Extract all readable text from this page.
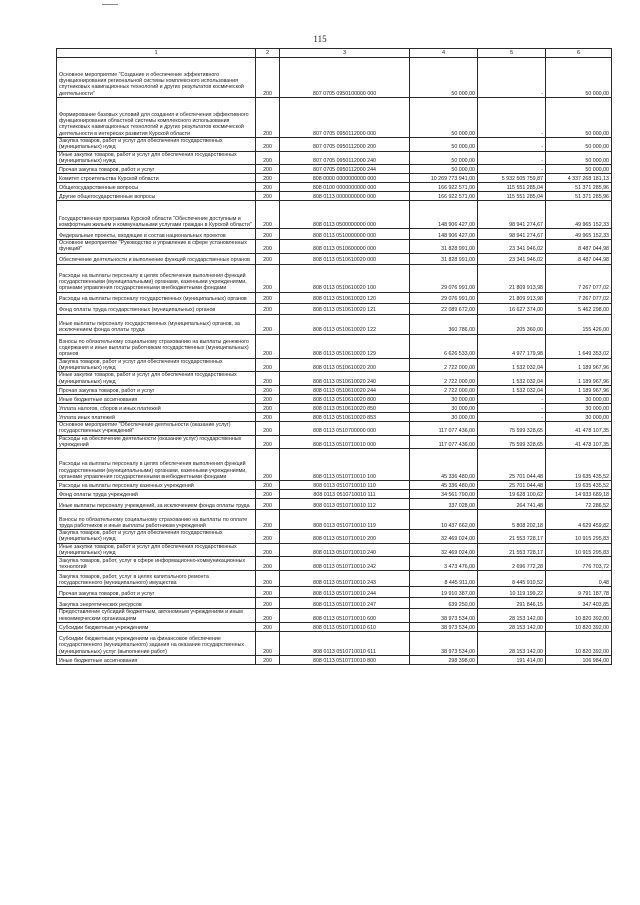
115
1	2	3	4	5	6
Основное мероприятие "Создание и обеспечение эффективного функционирования региональной системы комплексного использования спутниковых навигационных технологий и других результатов космической деятельности"	200	807 0705 0950100000 000	50 000,00	-	50 000,00
Формирование базовых условий для создания и обеспечения эффективного функционирования областной системы комплексного использования спутниковых навигационных технологий и других результатов космической деятельности в интересах развития Курской области	200	807 0705 0950112000 000	50 000,00	-	50 000,00
Закупка товаров, работ и услуг для обеспечения государственных (муниципальных) нужд	200	807 0705 0950112000 200	50 000,00	-	50 000,00
Иные закупки товаров, работ и услуг для обеспечения государственных (муниципальных) нужд	200	807 0705 0950112000 240	50 000,00	-	50 000,00
Прочая закупка товаров, работ и услуг	200	807 0705 0950112000 244	50 000,00	-	50 000,00
Комитет строительства Курской области	200	808 0000 0000000000 000	10 269 773 941,00	5 932 505 759,87	4 337 268 181,13
Общегосударственные вопросы	200	808 0100 0000000000 000	166 922 571,00	115 551 285,04	51 371 285,96
Другие общегосударственные вопросы	200	808 0113 0000000000 000	166 922 571,00	115 551 285,04	51 371 285,96
Государственная программа Курской области "Обеспечение доступным и комфортным жильем и коммунальными услугами граждан в Курской области"	200	808 0113 0500000000 000	148 906 427,00	98 941 274,67	49 965 152,33
Федеральные проекты, входящие в состав национальных проектов	200	808 0113 0510000000 000	148 906 427,00	98 941 274,67	49 965 152,33
Основное мероприятие "Руководство и управление в сфере установленных функций"	200	808 0113 0510600000 000	31 828 991,00	23 341 946,02	8 487 044,98
Обеспечение деятельности и выполнение функций государственных органов	200	808 0113 0510610020 000	31 828 991,00	23 341 946,02	8 487 044,98
Расходы на выплаты персоналу в целях обеспечения выполнения функций государственными (муниципальными) органами, казенными учреждениями, органами управления государственными внебюджетными фондами	200	808 0113 0510610020 100	29 076 991,00	21 809 913,98	7 267 077,02
Расходы на выплаты персоналу государственных (муниципальных) органов	200	808 0113 0510610020 120	29 076 991,00	21 809 913,98	7 267 077,02
Фонд оплаты труда государственных (муниципальных) органов	200	808 0113 0510610020 121	22 089 672,00	16 627 374,00	5 462 298,00
Иные выплаты персоналу государственных (муниципальных) органов, за исключением фонда оплаты труда	200	808 0113 0510610020 122	360 786,00	205 360,00	155 426,00
Взносы по обязательному социальному страхованию на выплаты денежного содержания и иные выплаты работникам государственных (муниципальных) органов	200	808 0113 0510610020 129	6 626 533,00	4 977 179,98	1 649 353,02
Закупка товаров, работ и услуг для обеспечения государственных (муниципальных) нужд	200	808 0113 0510610020 200	2 722 000,00	1 532 032,04	1 189 967,96
Иные закупки товаров, работ и услуг для обеспечения государственных (муниципальных) нужд	200	808 0113 0510610020 240	2 722 000,00	1 532 032,04	1 189 967,96
Прочая закупка товаров, работ и услуг	200	808 0113 0510610020 244	2 722 000,00	1 532 032,04	1 189 967,96
Иные бюджетные ассигнования	200	808 0113 0510610020 800	30 000,00	-	30 000,00
Уплата налогов, сборов и иных платежей	200	808 0113 0510610020 850	30 000,00	-	30 000,00
Уплата иных платежей	200	808 0113 0510610020 853	30 000,00	-	30 000,00
Основное мероприятие "Обеспечение деятельности (оказание услуг) государственных учреждений"	200	808 0113 0510700000 000	117 077 436,00	75 599 328,65	41 478 107,35
Расходы на обеспечение деятельности (оказание услуг) государственных учреждений	200	808 0113 0510710010 000	117 077 436,00	75 599 328,65	41 478 107,35
Расходы на выплаты персоналу в целях обеспечения выполнения функций государственными (муниципальными) органами, казенными учреждениями, органами управления государственными внебюджетными фондами	200	808 0113 0510710010 100	45 336 480,00	25 701 044,48	19 635 435,52
Расходы на выплаты персоналу казенных учреждений	200	808 0113 0510710010 110	45 336 480,00	25 701 044,48	19 635 435,52
Фонд оплаты труда учреждений	200	808 0113 0510710010 111	34 561 790,00	19 628 100,62	14 933 689,18
Иные выплаты персоналу учреждений, за исключением фонда оплаты труда	200	808 0113 0510710010 112	337 028,00	264 741,48	72 286,52
Взносы по обязательному социальному страхованию на выплаты по оплате труда работников и иные выплаты работникам учреждений	200	808 0113 0510710010 119	10 437 662,00	5 808 202,18	4 629 459,82
Закупка товаров, работ и услуг для обеспечения государственных (муниципальных) нужд	200	808 0113 0510710010 200	32 469 024,00	21 553 728,17	10 915 295,83
Иные закупки товаров, работ и услуг для обеспечения государственных (муниципальных) нужд	200	808 0113 0510710010 240	32 469 024,00	21 553 728,17	10 915 295,83
Закупка товаров, работ, услуг в сфере информационно-коммуникационных технологий	200	808 0113 0510710010 242	3 473 476,00	2 696 772,28	776 703,72
Закупка товаров, работ, услуг в целях капитального ремонта государственного (муниципального) имущества	200	808 0113 0510710010 243	8 445 911,00	8 445 910,52	0,48
Прочая закупка товаров, работ и услуг	200	808 0113 0510710010 244	19 910 387,00	10 119 199,22	9 791 187,78
Закупка энергетических ресурсов	200	808 0113 0510710010 247	639 250,00	291 846,15	347 403,85
Предоставление субсидий бюджетным, автономным учреждениям и иным некоммерческим организациям	200	808 0113 0510710010 600	38 973 534,00	28 153 142,00	10 820 392,00
Субсидии бюджетным учреждениям	200	808 0113 0510710010 610	38 973 534,00	28 153 142,00	10 820 392,00
Субсидии бюджетным учреждениям на финансовое обеспечение государственного (муниципального) задания на оказание государственных (муниципальных) услуг (выполнение работ)	200	808 0113 0510710010 611	38 973 534,00	28 153 142,00	10 820 392,00
Иные бюджетные ассигнования	200	808 0113 0510710010 800	298 398,00	191 414,00	106 984,00
